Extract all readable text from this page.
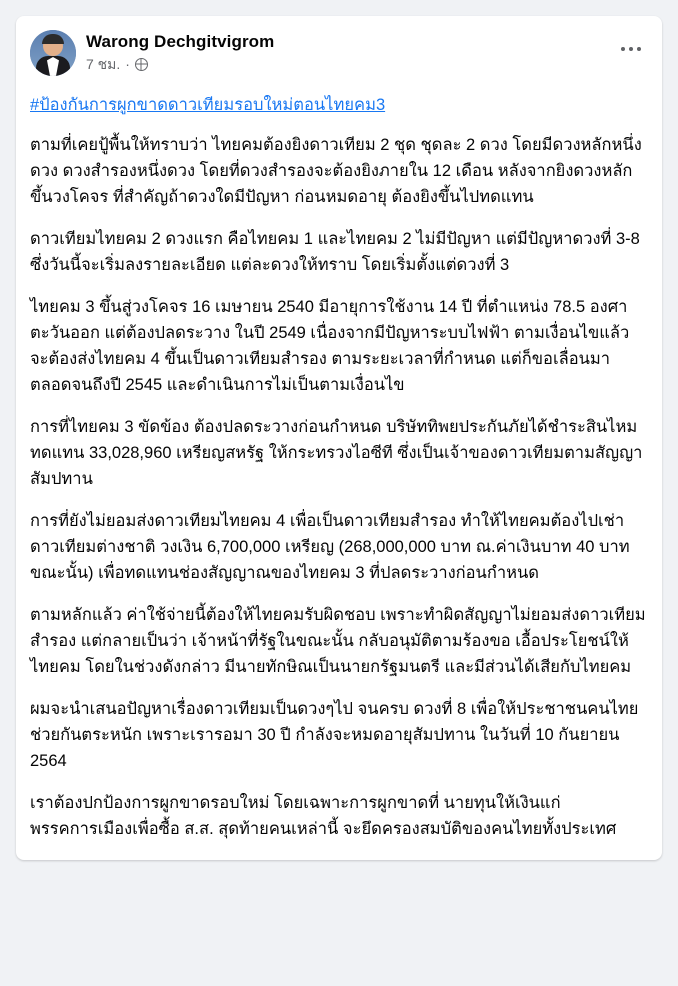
Warong Dechgitvigrom
7 ชม. ·
#ป้องกันการผูกขาดดาวเทียมรอบใหม่ตอนไทยคม3

ตามที่เคยปู้พื้นให้ทราบว่า ไทยคมต้องยิงดาวเทียม 2 ชุด ชุดละ 2 ดวง โดยมีดวงหลักหนึ่งดวง ดวงสำรองหนึ่งดวง โดยที่ดวงสำรองจะต้องยิงภายใน 12 เดือน หลังจากยิงดวงหลักขึ้นวงโคจร ที่สำคัญถ้าดวงใดมีปัญหา ก่อนหมดอายุ ต้องยิงขึ้นไปทดแทน

ดาวเทียมไทยคม 2 ดวงแรก คือไทยคม 1 และไทยคม 2 ไม่มีปัญหา แต่มีปัญหาดวงที่ 3-8 ซึ่งวันนี้จะเริ่มลงรายละเอียด แต่ละดวงให้ทราบ โดยเริ่มตั้งแต่ดวงที่ 3

ไทยคม 3 ขึ้นสู่วงโคจร 16 เมษายน 2540 มีอายุการใช้งาน 14 ปี ที่ตำแหน่ง 78.5 องศาตะวันออก แต่ต้องปลดระวาง ในปี 2549 เนื่องจากมีปัญหาระบบไฟฟ้า ตามเงื่อนไขแล้ว จะต้องส่งไทยคม 4 ขึ้นเป็นดาวเทียมสำรอง ตามระยะเวลาที่กำหนด แต่ก็ขอเลื่อนมาตลอดจนถึงปี 2545 และดำเนินการไม่เป็นตามเงื่อนไข

การที่ไทยคม 3 ขัดข้อง ต้องปลดระวางก่อนกำหนด บริษัททิพยประกันภัยได้ชำระสินไหมทดแทน 33,028,960 เหรียญสหรัฐ ให้กระทรวงไอซีที ซึ่งเป็นเจ้าของดาวเทียมตามสัญญาสัมปทาน

การที่ยังไม่ยอมส่งดาวเทียมไทยคม 4 เพื่อเป็นดาวเทียมสำรอง ทำให้ไทยคมต้องไปเช่าดาวเทียมต่างชาติ วงเงิน 6,700,000 เหรียญ (268,000,000 บาท ณ.ค่าเงินบาท 40 บาทขณะนั้น) เพื่อทดแทนช่องสัญญาณของไทยคม 3 ที่ปลดระวางก่อนกำหนด

ตามหลักแล้ว ค่าใช้จ่ายนี้ต้องให้ไทยคมรับผิดชอบ เพราะทำผิดสัญญาไม่ยอมส่งดาวเทียมสำรอง แต่กลายเป็นว่า เจ้าหน้าที่รัฐในขณะนั้น กลับอนุมัติตามร้องขอ เอื้อประโยชน์ให้ไทยคม โดยในช่วงดังกล่าว มีนายทักษิณเป็นนายกรัฐมนตรี และมีส่วนได้เสียกับไทยคม

ผมจะนำเสนอปัญหาเรื่องดาวเทียมเป็นดวงๆไป จนครบ ดวงที่ 8 เพื่อให้ประชาชนคนไทยช่วยกันตระหนัก เพราะเรารอมา 30 ปี กำลังจะหมดอายุสัมปทาน ในวันที่ 10 กันยายน 2564

เราต้องปกป้องการผูกขาดรอบใหม่ โดยเฉพาะการผูกขาดที่ นายทุนให้เงินแก่พรรคการเมืองเพื่อซื้อ ส.ส. สุดท้ายคนเหล่านี้ จะยึดครองสมบัติของคนไทยทั้งประเทศ
